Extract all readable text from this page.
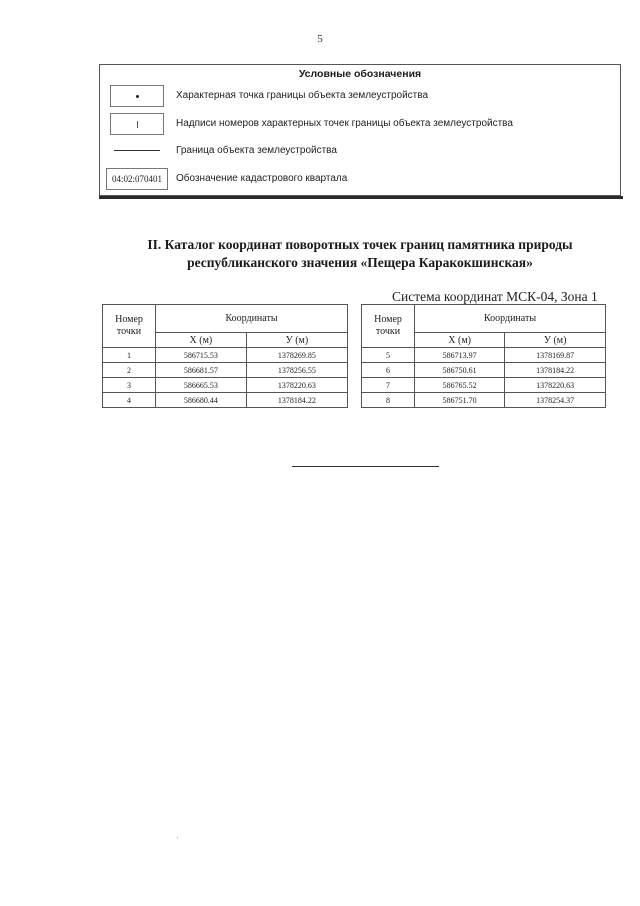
5
Условные обозначения
Характерная точка границы объекта землеустройства
Надписи номеров характерных точек границы объекта землеустройства
Граница объекта землеустройства
04:02:070401	Обозначение кадастрового квартала
II. Каталог координат поворотных точек границ памятника природы
республиканского значения «Пещера Каракокшинская»
Система координат МСК-04, Зона 1
Номер
точки	Координаты	
	X (м)	У (м)
1	586715.53	1378269.85
2	586681.57	1378256.55
3	586665.53	1378220.63
4	586680.44	1378184.22
Номер
точки	Координаты	
	X (м)	У (м)
5	586713.97	1378169.87
6	586750.61	1378184.22
7	586765.52	1378220.63
8	586751.70	1378254.37
